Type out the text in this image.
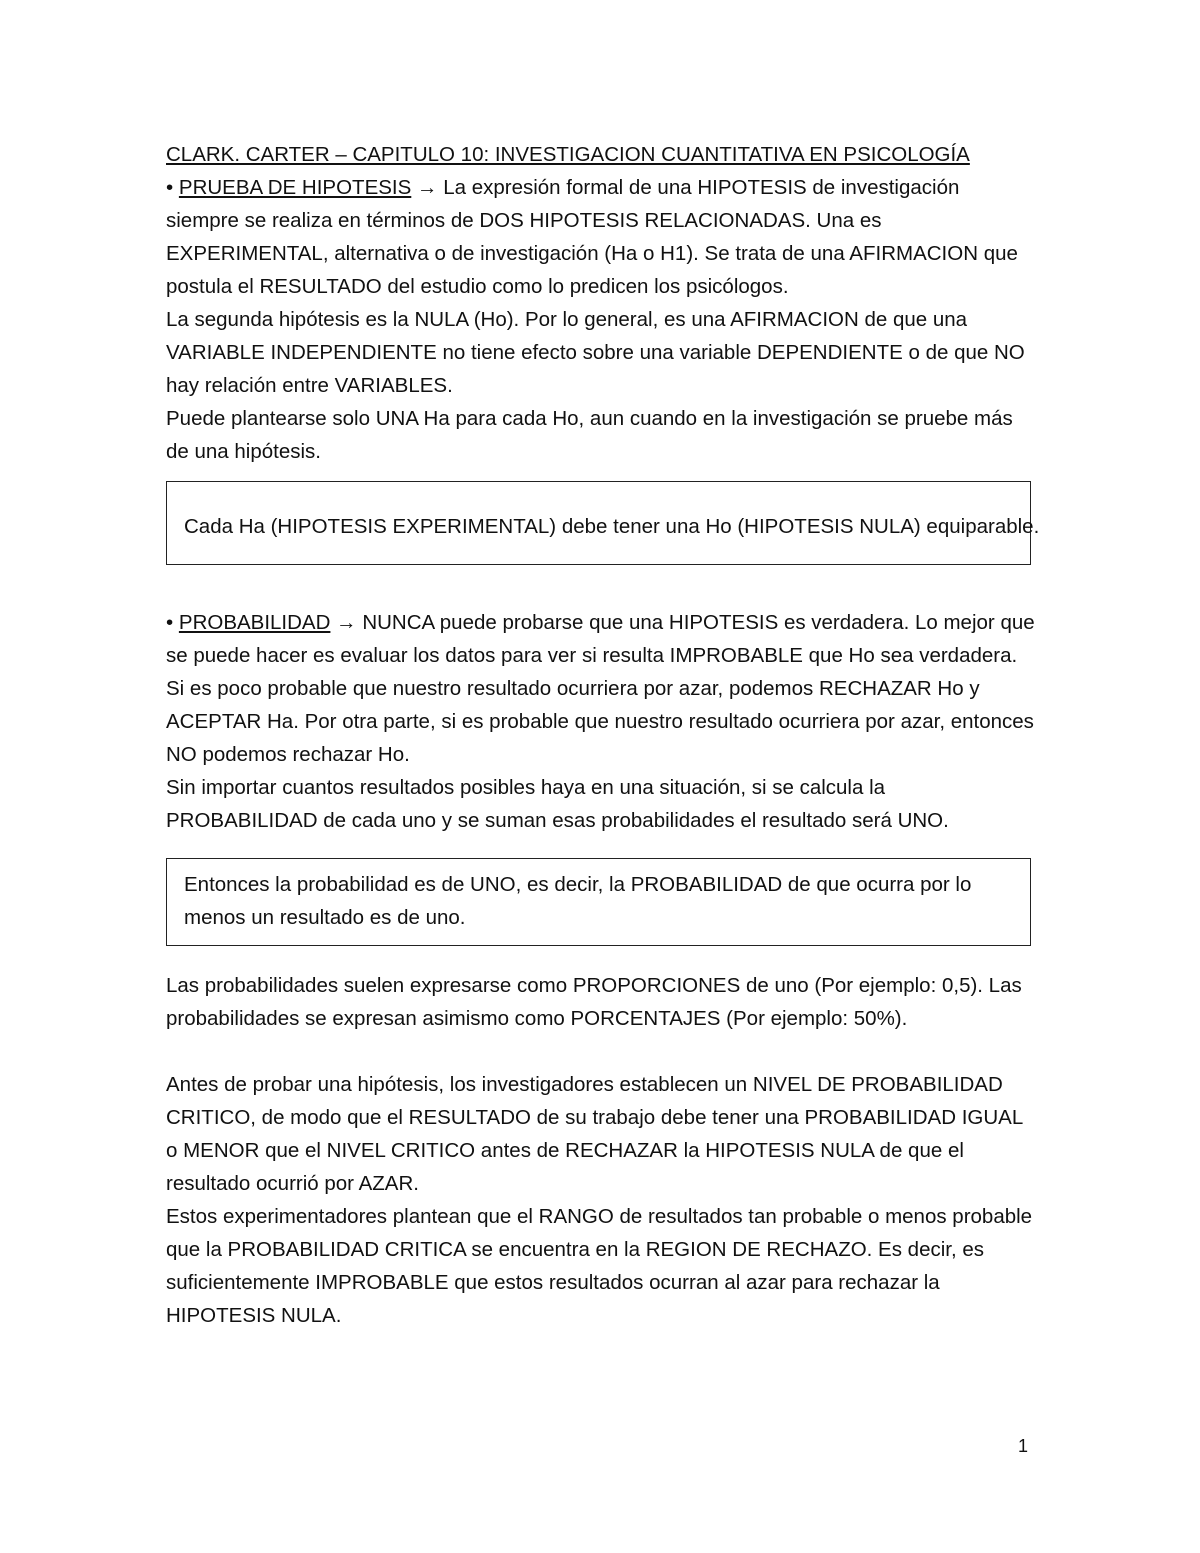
CLARK. CARTER – CAPITULO 10: INVESTIGACION CUANTITATIVA EN PSICOLOGÍA

• PRUEBA DE HIPOTESIS → La expresión formal de una HIPOTESIS de investigación siempre se realiza en términos de DOS HIPOTESIS RELACIONADAS. Una es EXPERIMENTAL, alternativa o de investigación (Ha o H1). Se trata de una AFIRMACION que postula el RESULTADO del estudio como lo predicen los psicólogos.

La segunda hipótesis es la NULA (Ho). Por lo general, es una AFIRMACION de que una VARIABLE INDEPENDIENTE no tiene efecto sobre una variable DEPENDIENTE o de que NO hay relación entre VARIABLES.

Puede plantearse solo UNA Ha para cada Ho, aun cuando en la investigación se pruebe más de una hipótesis.

Cada Ha (HIPOTESIS EXPERIMENTAL) debe tener una Ho (HIPOTESIS NULA) equiparable.

• PROBABILIDAD → NUNCA puede probarse que una HIPOTESIS es verdadera. Lo mejor que se puede hacer es evaluar los datos para ver si resulta IMPROBABLE que Ho sea verdadera.

Si es poco probable que nuestro resultado ocurriera por azar, podemos RECHAZAR Ho y ACEPTAR Ha. Por otra parte, si es probable que nuestro resultado ocurriera por azar, entonces NO podemos rechazar Ho.

Sin importar cuantos resultados posibles haya en una situación, si se calcula la PROBABILIDAD de cada uno y se suman esas probabilidades el resultado será UNO.

Entonces la probabilidad es de UNO, es decir, la PROBABILIDAD de que ocurra por lo menos un resultado es de uno.

Las probabilidades suelen expresarse como PROPORCIONES de uno (Por ejemplo: 0,5). Las probabilidades se expresan asimismo como PORCENTAJES (Por ejemplo: 50%).

Antes de probar una hipótesis, los investigadores establecen un NIVEL DE PROBABILIDAD CRITICO, de modo que el RESULTADO de su trabajo debe tener una PROBABILIDAD IGUAL o MENOR que el NIVEL CRITICO antes de RECHAZAR la HIPOTESIS NULA de que el resultado ocurrió por AZAR.

Estos experimentadores plantean que el RANGO de resultados tan probable o menos probable que la PROBABILIDAD CRITICA se encuentra en la REGION DE RECHAZO. Es decir, es suficientemente IMPROBABLE que estos resultados ocurran al azar para rechazar la HIPOTESIS NULA.

1
